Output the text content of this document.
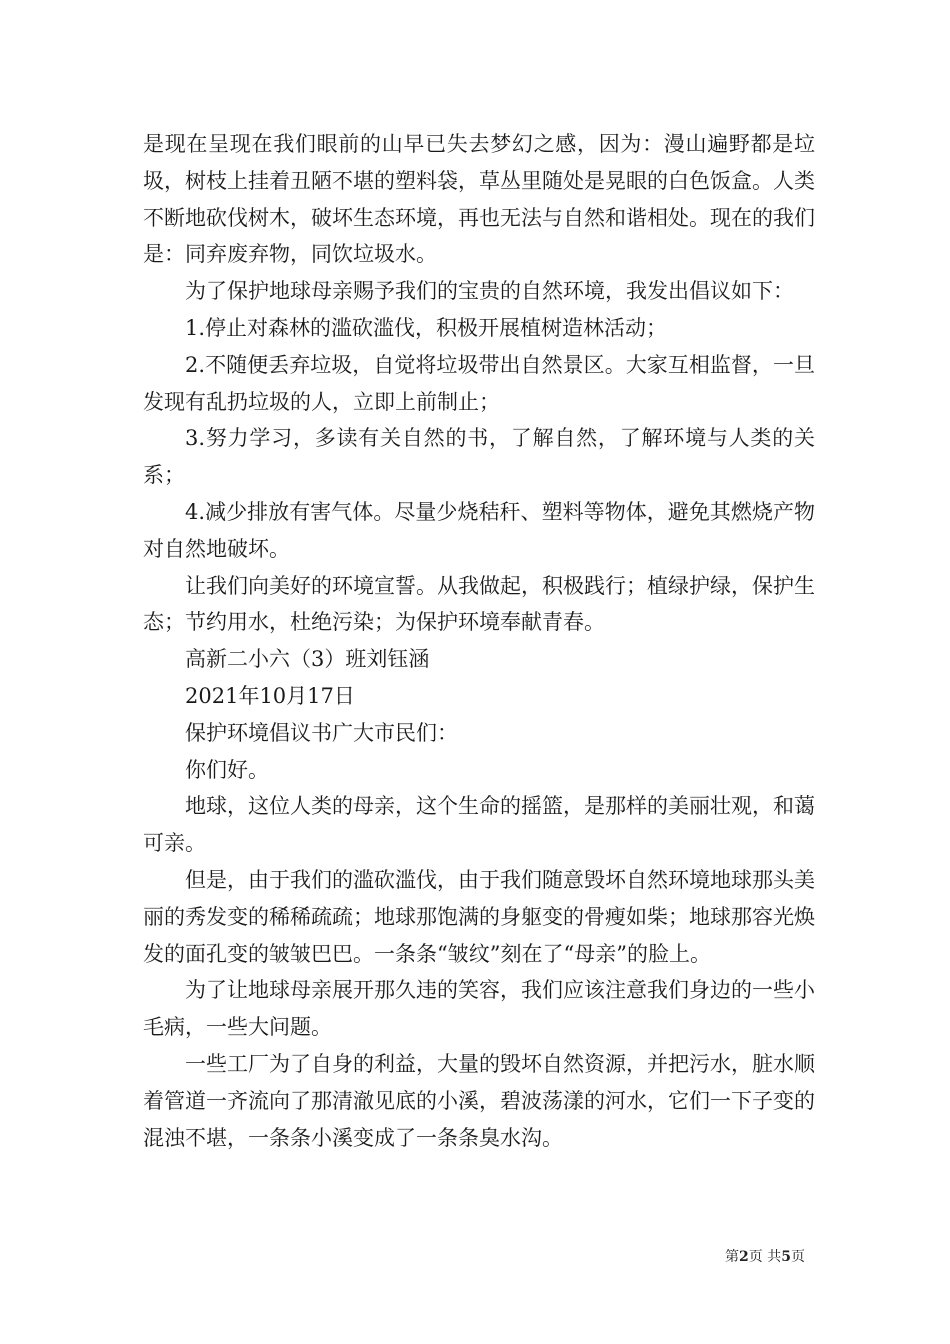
是现在呈现在我们眼前的山早已失去梦幻之感，因为：漫山遍野都是垃圾，树枝上挂着丑陋不堪的塑料袋，草丛里随处是晃眼的白色饭盒。人类不断地砍伐树木，破坏生态环境，再也无法与自然和谐相处。现在的我们是：同弃废弃物，同饮垃圾水。

为了保护地球母亲赐予我们的宝贵的自然环境，我发出倡议如下：

1.停止对森林的滥砍滥伐，积极开展植树造林活动；

2.不随便丢弃垃圾，自觉将垃圾带出自然景区。大家互相监督，一旦发现有乱扔垃圾的人，立即上前制止；

3.努力学习，多读有关自然的书，了解自然，了解环境与人类的关系；

4.减少排放有害气体。尽量少烧秸秆、塑料等物体，避免其燃烧产物对自然地破坏。

让我们向美好的环境宣誓。从我做起，积极践行；植绿护绿，保护生态；节约用水，杜绝污染；为保护环境奉献青春。

高新二小六（3）班刘钰涵

2021年10月17日

保护环境倡议书广大市民们：

你们好。

地球，这位人类的母亲，这个生命的摇篮，是那样的美丽壮观，和蔼可亲。

但是，由于我们的滥砍滥伐，由于我们随意毁坏自然环境地球那头美丽的秀发变的稀稀疏疏；地球那饱满的身躯变的骨瘦如柴；地球那容光焕发的面孔变的皱皱巴巴。一条条“皱纹”刻在了“母亲”的脸上。

为了让地球母亲展开那久违的笑容，我们应该注意我们身边的一些小毛病，一些大问题。

一些工厂为了自身的利益，大量的毁坏自然资源，并把污水，脏水顺着管道一齐流向了那清澈见底的小溪，碧波荡漾的河水，它们一下子变的混浊不堪，一条条小溪变成了一条条臭水沟。

第2页 共5页
